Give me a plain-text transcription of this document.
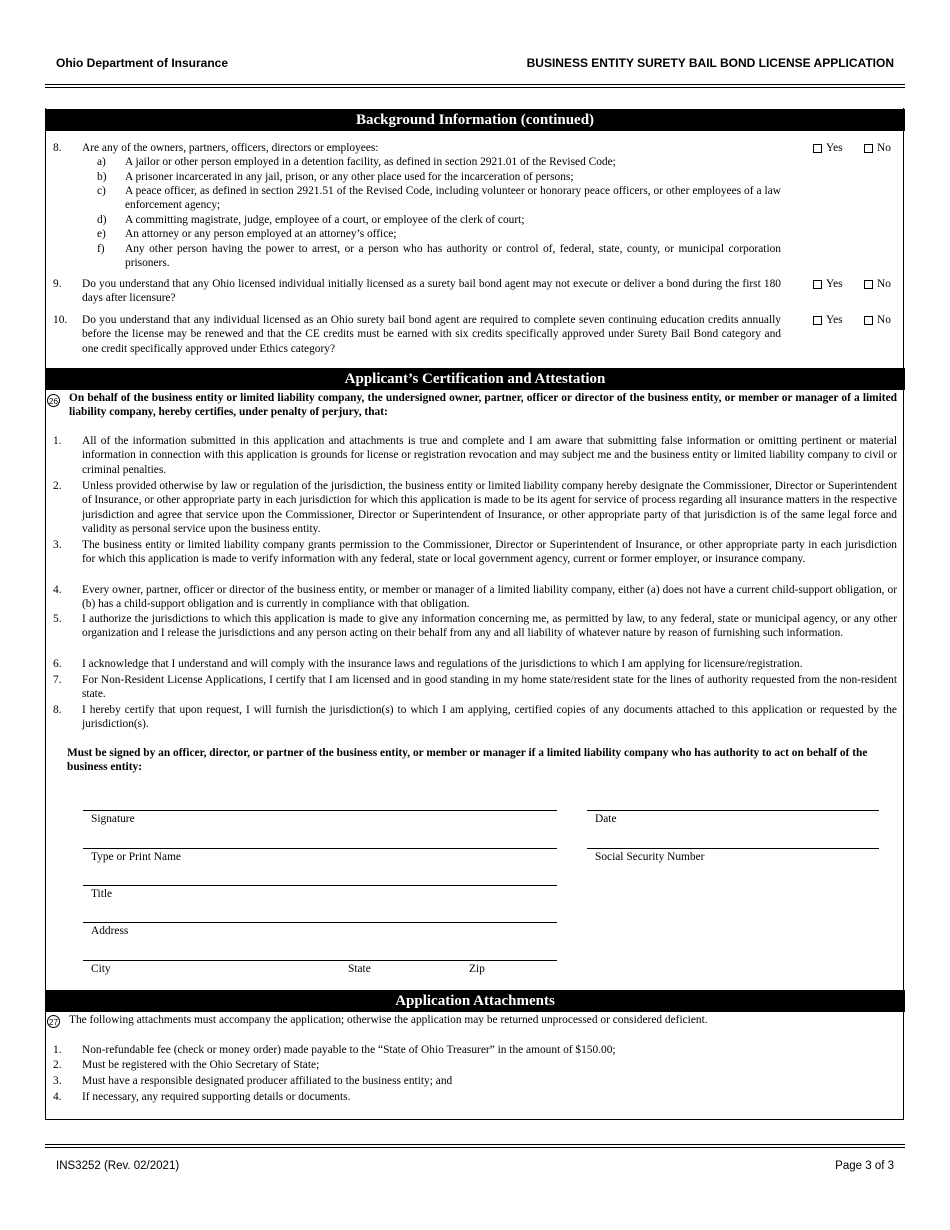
Ohio Department of Insurance	BUSINESS ENTITY SURETY BAIL BOND LICENSE APPLICATION
Background Information (continued)
8. Are any of the owners, partners, officers, directors or employees:
a) A jailor or other person employed in a detention facility, as defined in section 2921.01 of the Revised Code;
b) A prisoner incarcerated in any jail, prison, or any other place used for the incarceration of persons;
c) A peace officer, as defined in section 2921.51 of the Revised Code, including volunteer or honorary peace officers, or other employees of a law enforcement agency;
d) A committing magistrate, judge, employee of a court, or employee of the clerk of court;
e) An attorney or any person employed at an attorney’s office;
f) Any other person having the power to arrest, or a person who has authority or control of, federal, state, county, or municipal corporation prisoners.
Yes	No
9. Do you understand that any Ohio licensed individual initially licensed as a surety bail bond agent may not execute or deliver a bond during the first 180 days after licensure?
Yes	No
10. Do you understand that any individual licensed as an Ohio surety bail bond agent are required to complete seven continuing education credits annually before the license may be renewed and that the CE credits must be earned with six credits specifically approved under Surety Bail Bond category and one credit specifically approved under Ethics category?
Yes	No
Applicant’s Certification and Attestation
26 On behalf of the business entity or limited liability company, the undersigned owner, partner, officer or director of the business entity, or member or manager of a limited liability company, hereby certifies, under penalty of perjury, that:
1. All of the information submitted in this application and attachments is true and complete and I am aware that submitting false information or omitting pertinent or material information in connection with this application is grounds for license or registration revocation and may subject me and the business entity or limited liability company to civil or criminal penalties.
2. Unless provided otherwise by law or regulation of the jurisdiction, the business entity or limited liability company hereby designate the Commissioner, Director or Superintendent of Insurance, or other appropriate party in each jurisdiction for which this application is made to be its agent for service of process regarding all insurance matters in the respective jurisdiction and agree that service upon the Commissioner, Director or Superintendent of Insurance, or other appropriate party of that jurisdiction is of the same legal force and validity as personal service upon the business entity.
3. The business entity or limited liability company grants permission to the Commissioner, Director or Superintendent of Insurance, or other appropriate party in each jurisdiction for which this application is made to verify information with any federal, state or local government agency, current or former employer, or insurance company.
4. Every owner, partner, officer or director of the business entity, or member or manager of a limited liability company, either (a) does not have a current child-support obligation, or (b) has a child-support obligation and is currently in compliance with that obligation.
5. I authorize the jurisdictions to which this application is made to give any information concerning me, as permitted by law, to any federal, state or municipal agency, or any other organization and I release the jurisdictions and any person acting on their behalf from any and all liability of whatever nature by reason of furnishing such information.
6. I acknowledge that I understand and will comply with the insurance laws and regulations of the jurisdictions to which I am applying for licensure/registration.
7. For Non-Resident License Applications, I certify that I am licensed and in good standing in my home state/resident state for the lines of authority requested from the non-resident state.
8. I hereby certify that upon request, I will furnish the jurisdiction(s) to which I am applying, certified copies of any documents attached to this application or requested by the jurisdiction(s).
Must be signed by an officer, director, or partner of the business entity, or member or manager if a limited liability company who has authority to act on behalf of the business entity:
Signature	Date
Type or Print Name	Social Security Number
Title
Address
City	State	Zip
Application Attachments
27 The following attachments must accompany the application; otherwise the application may be returned unprocessed or considered deficient.
1. Non-refundable fee (check or money order) made payable to the “State of Ohio Treasurer” in the amount of $150.00;
2. Must be registered with the Ohio Secretary of State;
3. Must have a responsible designated producer affiliated to the business entity; and
4. If necessary, any required supporting details or documents.
INS3252 (Rev. 02/2021)	Page 3 of 3
